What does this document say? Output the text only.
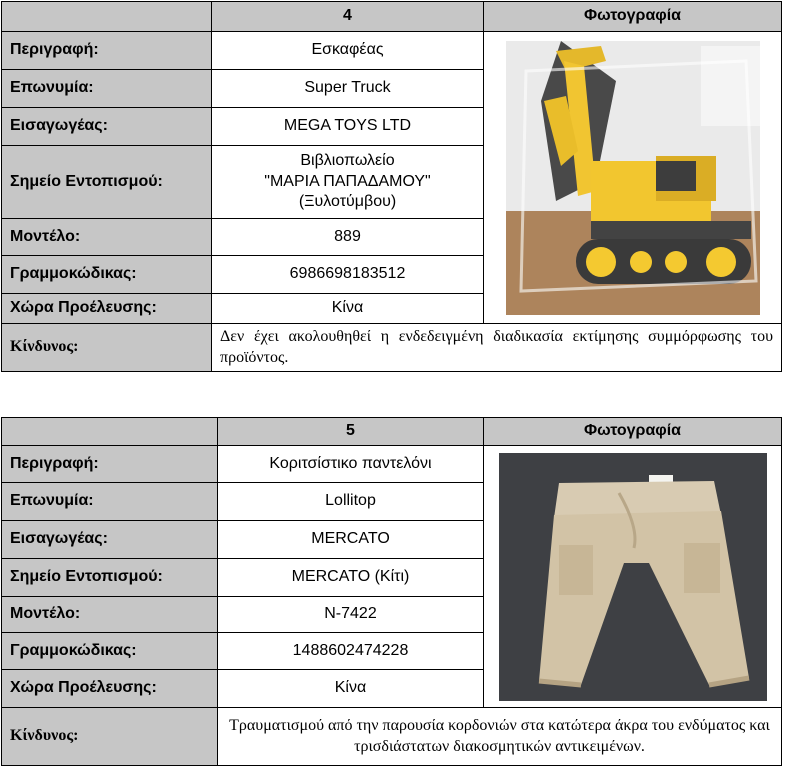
	4	Φωτογραφία
Περιγραφή:	Εσκαφέας	
Επωνυμία:	Super Truck	
Εισαγωγέας:	MEGA TOYS LTD	
Σημείο Εντοπισμού:	Βιβλιοπωλείο
"ΜΑΡΙΑ ΠΑΠΑΔΑΜΟΥ"
(Ξυλοτύμβου)	

Μοντέλο:	889	
Γραμμοκώδικας:	6986698183512	
Χώρα Προέλευσης:	Κίνα	
Κίνδυνος:	Δεν έχει ακολουθηθεί η ενδεδειγμένη διαδικασία εκτίμησης συμμόρφωσης του προϊόντος.	
	5	Φωτογραφία
Περιγραφή:	Κοριτσίστικο παντελόνι	
Επωνυμία:	Lollitop	
Εισαγωγέας:	MERCATO	
Σημείο Εντοπισμού:	MERCATO (Κίτι)	
Μοντέλο:	N-7422	
Γραμμοκώδικας:	1488602474228	
Χώρα Προέλευσης:	Κίνα	
Κίνδυνος:	Τραυματισμού από την παρουσία κορδονιών στα κατώτερα άκρα του ενδύματος και τρισδιάστατων διακοσμητικών αντικειμένων.	
